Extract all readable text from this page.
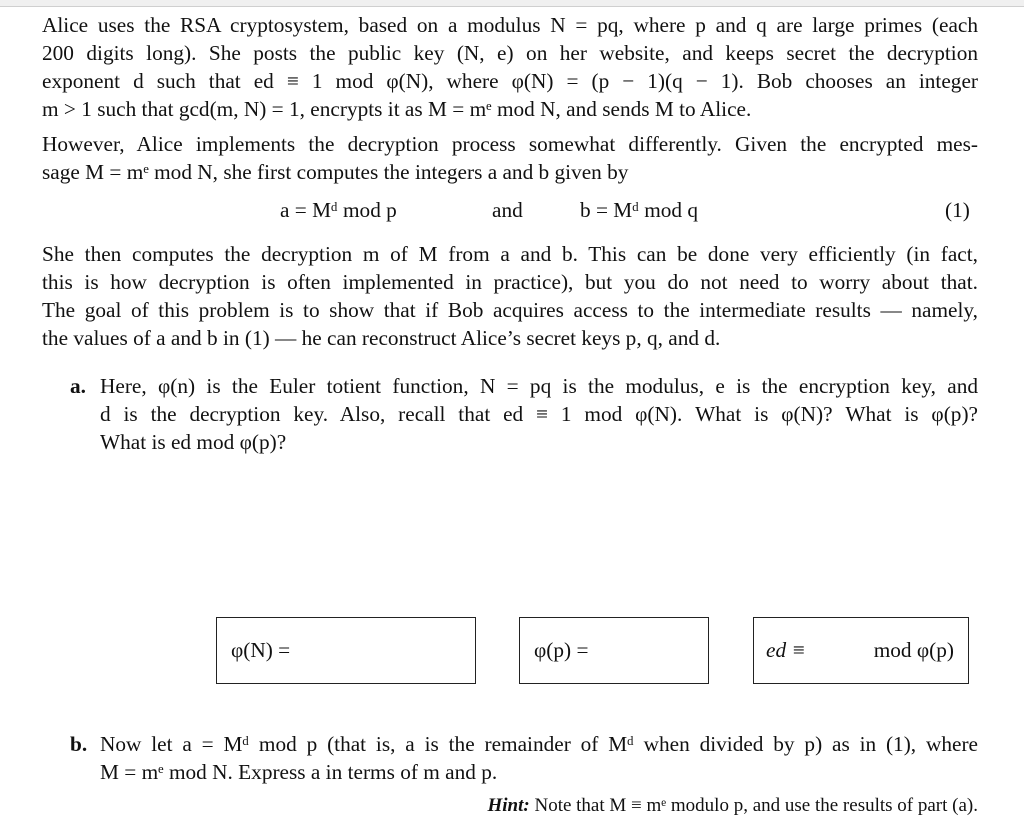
Alice uses the RSA cryptosystem, based on a modulus N = pq, where p and q are large primes (each
200 digits long). She posts the public key (N, e) on her website, and keeps secret the decryption
exponent d such that ed ≡ 1 mod φ(N), where φ(N) = (p − 1)(q − 1). Bob chooses an integer
m > 1 such that gcd(m, N) = 1, encrypts it as M = mᵉ mod N, and sends M to Alice.
However, Alice implements the decryption process somewhat differently. Given the encrypted mes-
sage M = mᵉ mod N, she first computes the integers a and b given by
a = Mᵈ mod p	and	b = Mᵈ mod q	(1)
She then computes the decryption m of M from a and b. This can be done very efficiently (in fact,
this is how decryption is often implemented in practice), but you do not need to worry about that.
The goal of this problem is to show that if Bob acquires access to the intermediate results — namely,
the values of a and b in (1) — he can reconstruct Alice’s secret keys p, q, and d.
a. Here, φ(n) is the Euler totient function, N = pq is the modulus, e is the encryption key, and
d is the decryption key. Also, recall that ed ≡ 1 mod φ(N). What is φ(N)? What is φ(p)?
What is ed mod φ(p)?
φ(N) =	φ(p) =	ed ≡	mod φ(p)
b. Now let a = Mᵈ mod p (that is, a is the remainder of Mᵈ when divided by p) as in (1), where
M = mᵉ mod N. Express a in terms of m and p.
Hint: Note that M ≡ mᵉ modulo p, and use the results of part (a).
